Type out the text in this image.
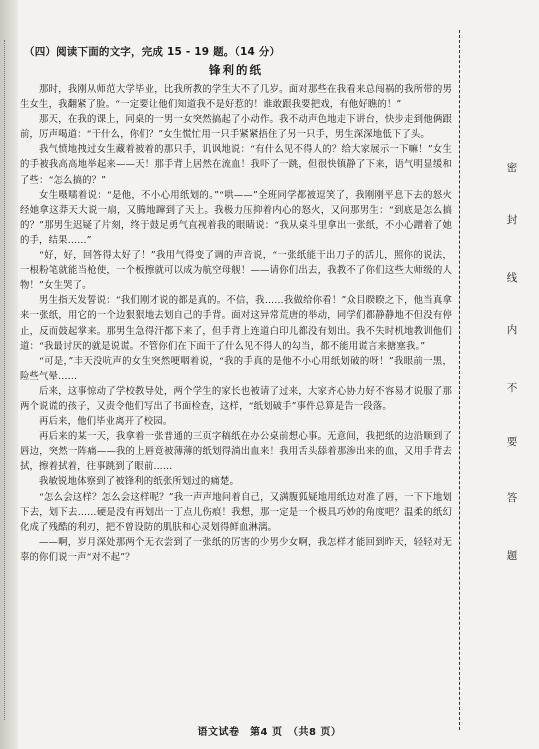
（四）阅读下面的文字，完成 15 - 19 题。（14 分）
锋利的纸

那时，我刚从师范大学毕业，比我所教的学生大不了几岁。面对那些在我看来总闯祸的我所带的男生女生，我翻紧了脸。“一定要让他们知道我不是好惹的！谁敢跟我要把戏，有他好瞧的！”

那天，在我的课上，同桌的一男一女突然搞起了小动作。我不动声色地走下讲台，快步走到他俩跟前，厉声喝道：“干什么，你们？”女生慌忙用一只手紧紧捂住了另一只手，男生深深地低下了头。

我气愤地拽过女生藏着被着的那只手，讥讽地说：“有什么见不得人的？给大家展示一下嘛！”女生的手被我高高地举起来——天！那手背上居然在流血！我吓了一跳，但很快镇静了下来，语气明显缓和了些：“怎么搞的？”

女生嗫嚅着说：“是他，不小心用纸划的。”“哄——”全班同学都被逗笑了，我刚刚平息下去的怒火经她拿这莽天大说一扇，又腾地蹿到了天上。我极力压抑着内心的怒火，又问那男生：“到底是怎么搞的？”那男生迟疑了片刻，终于鼓足勇气直视着我的眼睛说：“我从桌斗里拿出一张纸，不小心蹭着了她的手，结果……”

“好，好，回答得太好了！”我用气得变了调的声音说，“一张纸能干出刀子的活儿，照你的说法，一根粉笔就能当枪使，一个板擦就可以成为航空母舰！——请你们出去，我教不了你们这些大师级的人物！”女生哭了。

男生指天发誓说：“我们刚才说的都是真的。不信，我……我做给你看！”众目睽睽之下，他当真拿来一张纸，用它的一个边狠狠地去划自己的手背。面对这异常荒唐的举动，同学们都静静地不但没有停止，反而鼓起掌来。那男生急得汗都下来了，但手背上连道白印儿都没有划出。我不失时机地教训他们道：“我最讨厌的就是说谎。不管你们在下面干了什么见不得人的勾当，都不能用谎言来搪塞我。”

“可是，”丰天没吭声的女生突然哽咽着说，“我的手真的是他不小心用纸划破的呀！”我眼前一黑，险些气晕……

后来，这事惊动了学校教导处，两个学生的家长也被请了过来，大家齐心协力好不容易才说服了那两个说谎的孩子，又责令他们写出了书面检查，这样，“纸划破手”事件总算是告一段落。

再后来，他们毕业离开了校园。

再后来的某一天，我拿着一张普通的三页字稿纸在办公桌前想心事。无意间，我把纸的边沿顺到了唇边，突然一阵痛——我的上唇竟被薄薄的纸划得淌出血来！我用舌头舔着那渗出来的血，又用手背去拭，擦着拭着，往事跳到了眼前……

我敏锐地体察到了被锋利的纸张所划过的痛楚。

“怎么会这样？怎么会这样呢？”我一声声地问着自己，又满腹狐疑地用纸边对准了唇，一下下地划下去，划下去……硬是没有再划出一丁点儿伤痕！我想，那一定是一个极具巧妙的角度吧？温柔的纸幻化成了残酷的利刃，把不曾设防的肌肤和心灵划得鲜血淋漓。

——啊，岁月深处那两个无衣尝到了一张纸的厉害的少男少女啊，我怎样才能回到昨天，轻轻对无辜的你们说一声“对不起”？

密
封
线
内
不
要
答
题
语文试卷　第4 页　（共8 页）
